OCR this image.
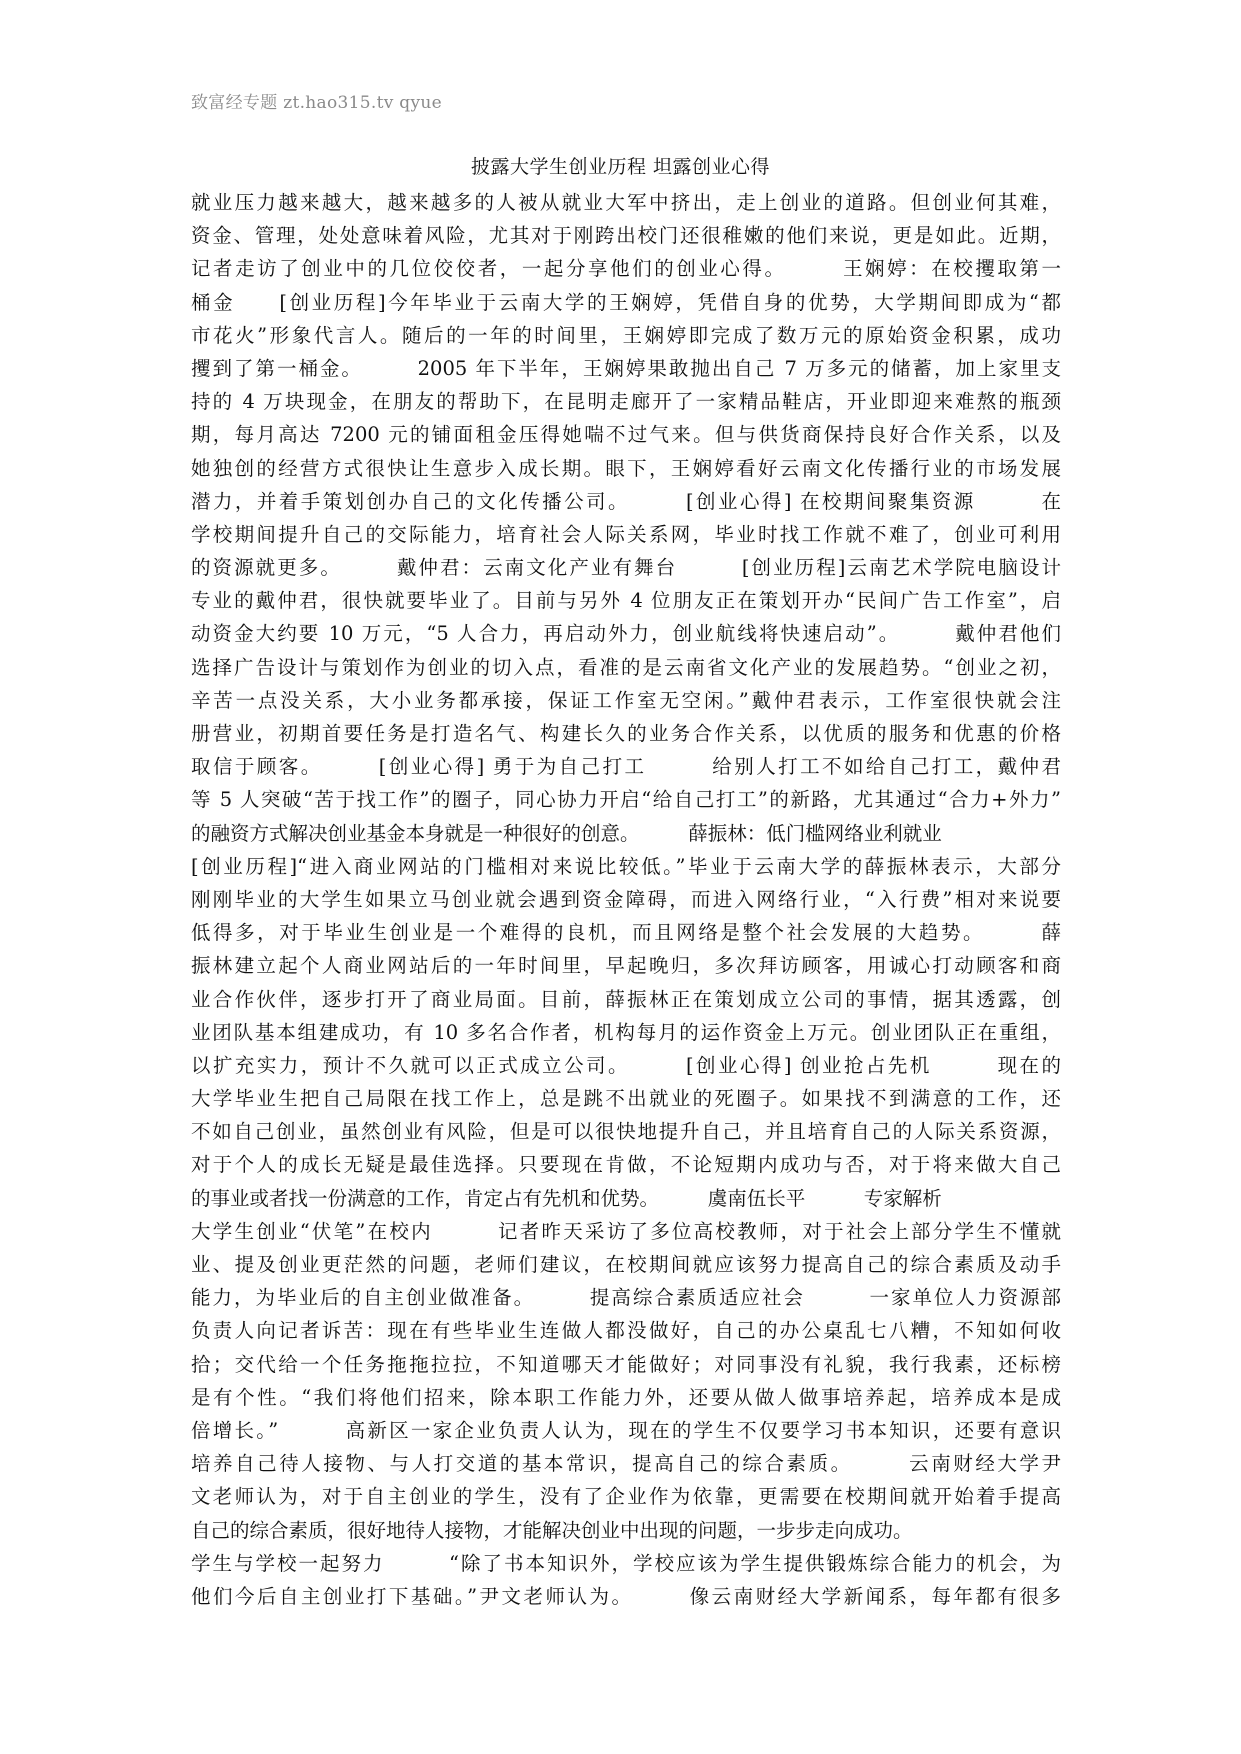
致富经专题 zt.hao315.tv qyue
披露大学生创业历程 坦露创业心得
就业压力越来越大，越来越多的人被从就业大军中挤出，走上创业的道路。但创业何其难，
资金、管理，处处意味着风险，尤其对于刚跨出校门还很稚嫩的他们来说，更是如此。近期，
记者走访了创业中的几位佼佼者，一起分享他们的创业心得。　　　王娴婷：在校攫取第一
桶金　　[创业历程]今年毕业于云南大学的王娴婷，凭借自身的优势，大学期间即成为“都
市花火”形象代言人。随后的一年的时间里，王娴婷即完成了数万元的原始资金积累，成功
攫到了第一桶金。　　　2005 年下半年，王娴婷果敢抛出自己 7 万多元的储蓄，加上家里支
持的 4 万块现金，在朋友的帮助下，在昆明走廊开了一家精品鞋店，开业即迎来难熬的瓶颈
期，每月高达 7200 元的铺面租金压得她喘不过气来。但与供货商保持良好合作关系，以及
她独创的经营方式很快让生意步入成长期。眼下，王娴婷看好云南文化传播行业的市场发展
潜力，并着手策划创办自己的文化传播公司。　　　[创业心得] 在校期间聚集资源　　　在
学校期间提升自己的交际能力，培育社会人际关系网，毕业时找工作就不难了，创业可利用
的资源就更多。　　　戴仲君：云南文化产业有舞台　　　[创业历程]云南艺术学院电脑设计
专业的戴仲君，很快就要毕业了。目前与另外 4 位朋友正在策划开办“民间广告工作室”，启
动资金大约要 10 万元，“5 人合力，再启动外力，创业航线将快速启动”。　　　戴仲君他们
选择广告设计与策划作为创业的切入点，看准的是云南省文化产业的发展趋势。“创业之初，
辛苦一点没关系，大小业务都承接，保证工作室无空闲。”戴仲君表示，工作室很快就会注
册营业，初期首要任务是打造名气、构建长久的业务合作关系，以优质的服务和优惠的价格
取信于顾客。　　　[创业心得] 勇于为自己打工　　　给别人打工不如给自己打工，戴仲君
等 5 人突破“苦于找工作”的圈子，同心协力开启“给自己打工”的新路，尤其通过“合力+外力”
的融资方式解决创业基金本身就是一种很好的创意。　　　薛振林：低门槛网络业利就业
[创业历程]“进入商业网站的门槛相对来说比较低。”毕业于云南大学的薛振林表示，大部分
刚刚毕业的大学生如果立马创业就会遇到资金障碍，而进入网络行业，“入行费”相对来说要
低得多，对于毕业生创业是一个难得的良机，而且网络是整个社会发展的大趋势。　　　薛
振林建立起个人商业网站后的一年时间里，早起晚归，多次拜访顾客，用诚心打动顾客和商
业合作伙伴，逐步打开了商业局面。目前，薛振林正在策划成立公司的事情，据其透露，创
业团队基本组建成功，有 10 多名合作者，机构每月的运作资金上万元。创业团队正在重组，
以扩充实力，预计不久就可以正式成立公司。　　　[创业心得] 创业抢占先机　　　现在的
大学毕业生把自己局限在找工作上，总是跳不出就业的死圈子。如果找不到满意的工作，还
不如自己创业，虽然创业有风险，但是可以很快地提升自己，并且培育自己的人际关系资源，
对于个人的成长无疑是最佳选择。只要现在肯做，不论短期内成功与否，对于将来做大自己
的事业或者找一份满意的工作，肯定占有先机和优势。　　　虞南伍长平　　　专家解析
大学生创业“伏笔”在校内　　　记者昨天采访了多位高校教师，对于社会上部分学生不懂就
业、提及创业更茫然的问题，老师们建议，在校期间就应该努力提高自己的综合素质及动手
能力，为毕业后的自主创业做准备。　　　提高综合素质适应社会　　　一家单位人力资源部
负责人向记者诉苦：现在有些毕业生连做人都没做好，自己的办公桌乱七八糟，不知如何收
拾；交代给一个任务拖拖拉拉，不知道哪天才能做好；对同事没有礼貌，我行我素，还标榜
是有个性。“我们将他们招来，除本职工作能力外，还要从做人做事培养起，培养成本是成
倍增长。”　　　高新区一家企业负责人认为，现在的学生不仅要学习书本知识，还要有意识
培养自己待人接物、与人打交道的基本常识，提高自己的综合素质。　　　云南财经大学尹
文老师认为，对于自主创业的学生，没有了企业作为依靠，更需要在校期间就开始着手提高
自己的综合素质，很好地待人接物，才能解决创业中出现的问题，一步步走向成功。
学生与学校一起努力　　　“除了书本知识外，学校应该为学生提供锻炼综合能力的机会，为
他们今后自主创业打下基础。”尹文老师认为。　　　像云南财经大学新闻系，每年都有很多
